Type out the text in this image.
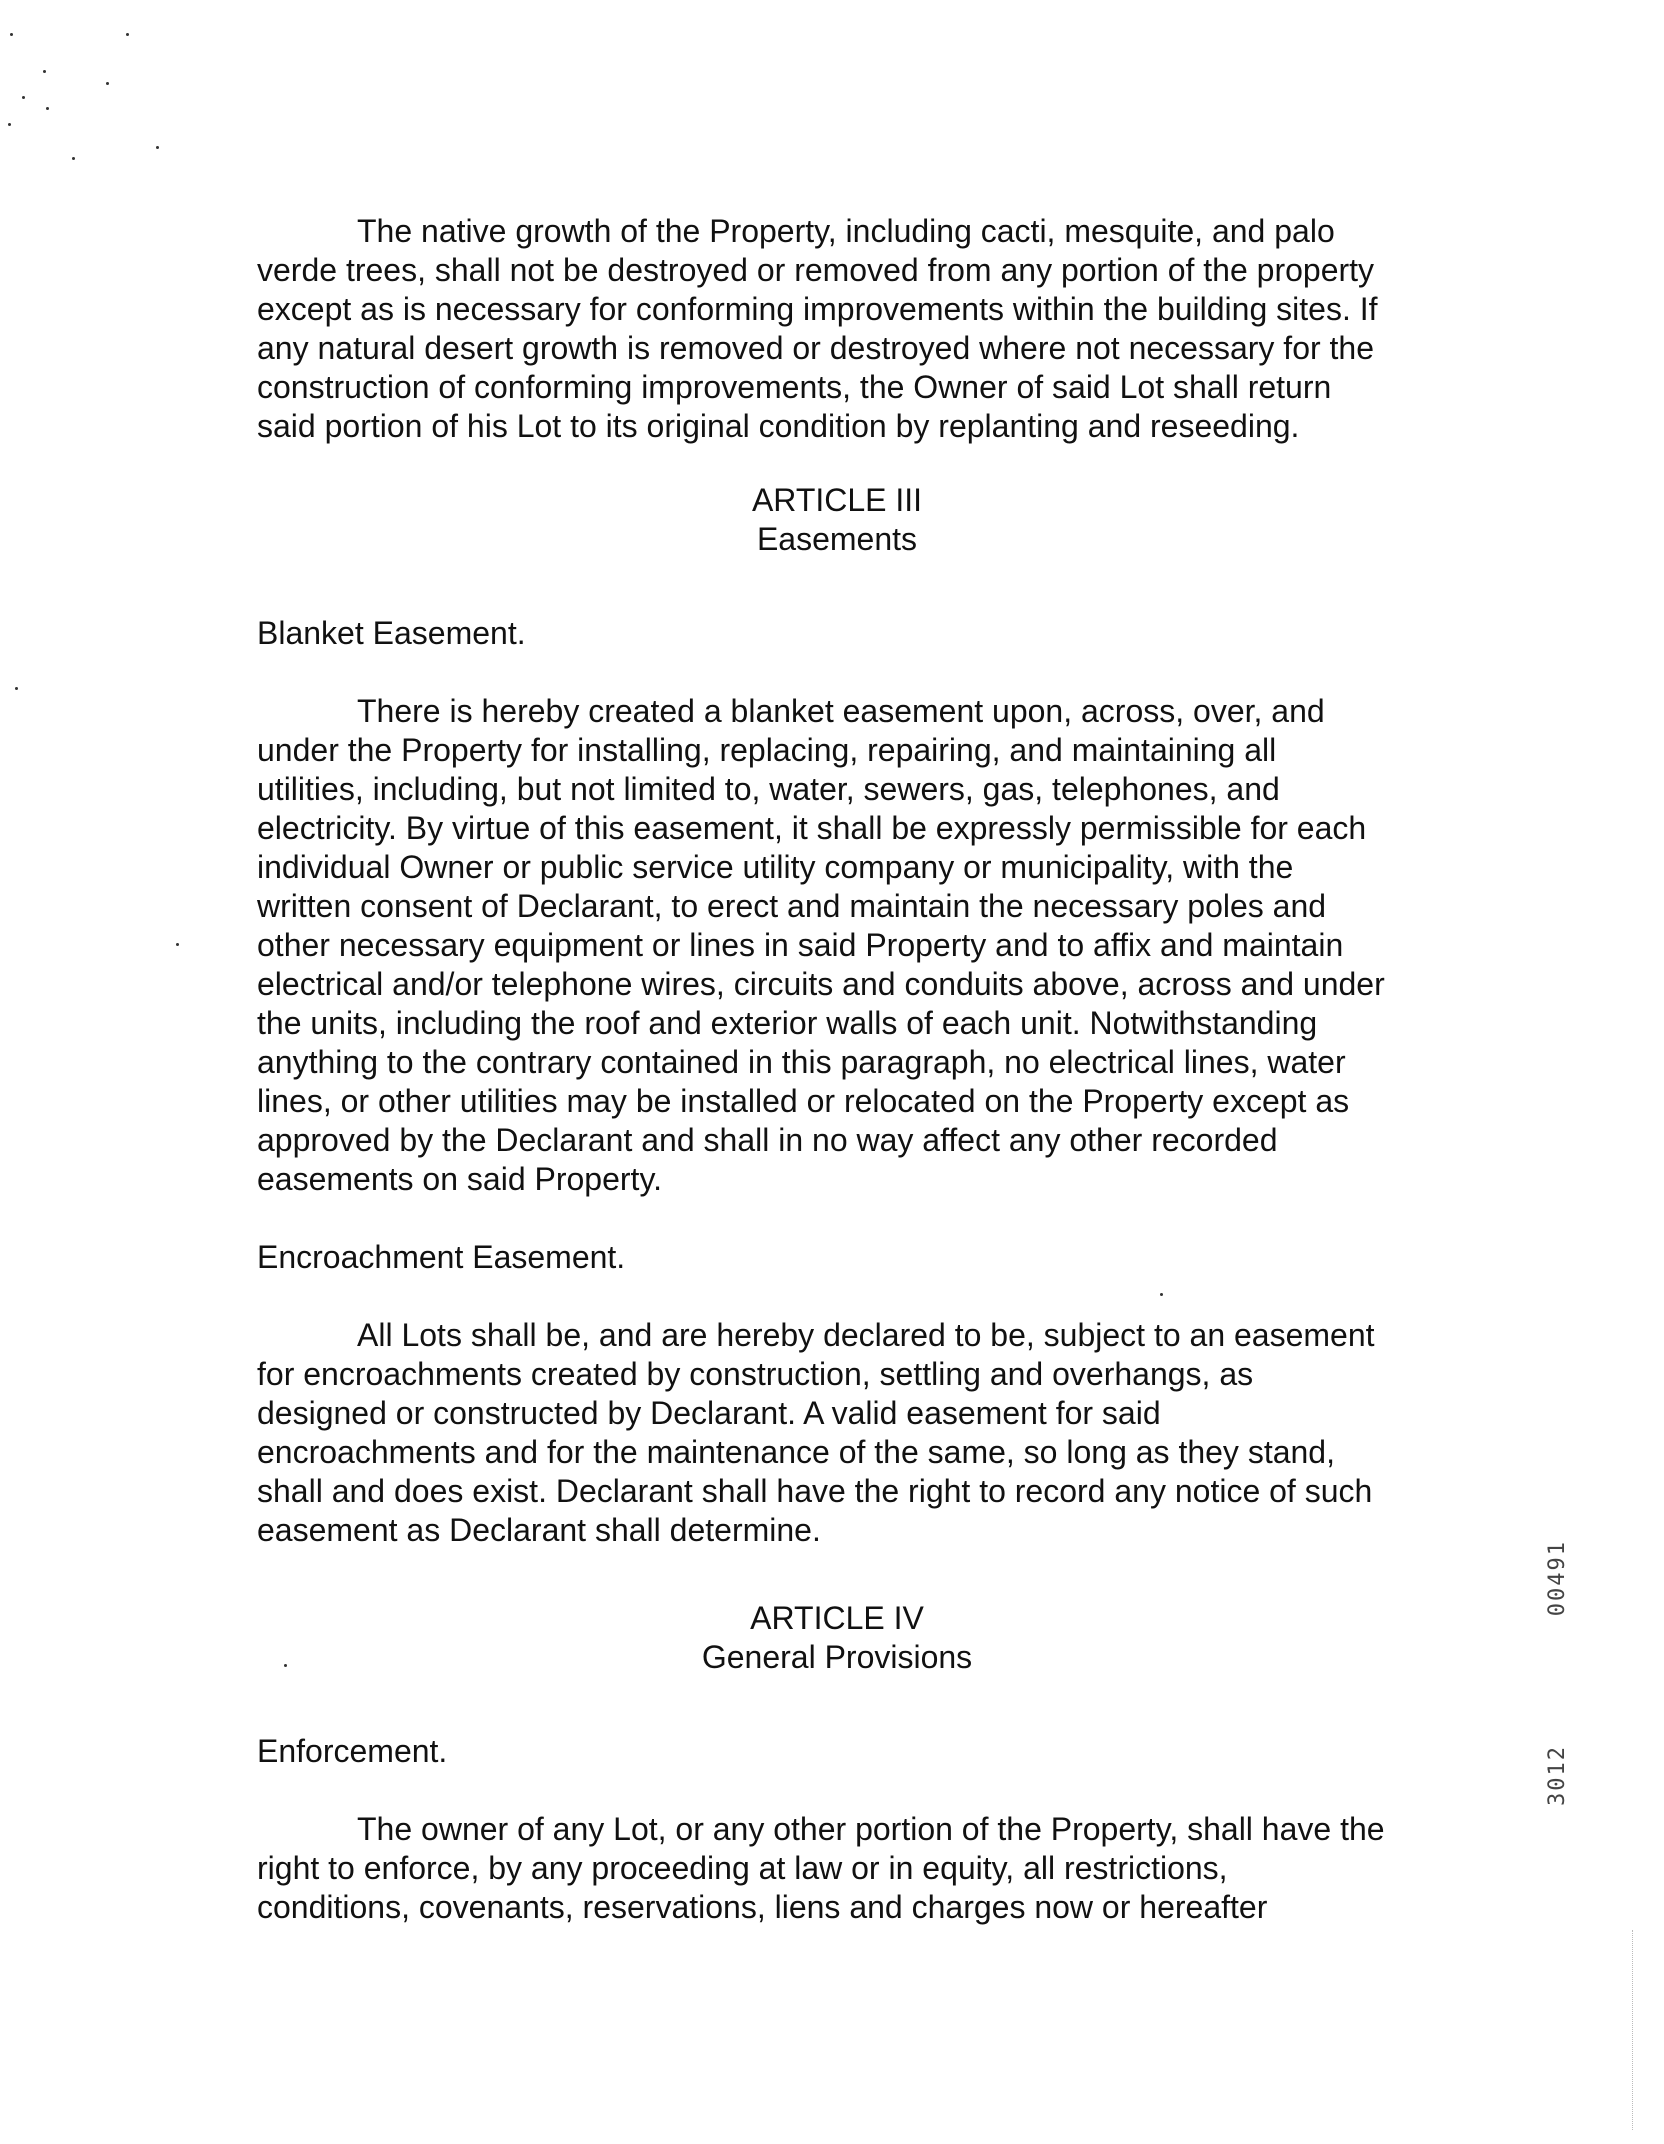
The native growth of the Property, including cacti, mesquite, and palo verde trees, shall not be destroyed or removed from any portion of the property except as is necessary for conforming improvements within the building sites. If any natural desert growth is removed or destroyed where not necessary for the construction of conforming improvements, the Owner of said Lot shall return said portion of his Lot to its original condition by replanting and reseeding.

ARTICLE III

Easements

Blanket Easement.

There is hereby created a blanket easement upon, across, over, and under the Property for installing, replacing, repairing, and maintaining all utilities, including, but not limited to, water, sewers, gas, telephones, and electricity. By virtue of this easement, it shall be expressly permissible for each individual Owner or public service utility company or municipality, with the written consent of Declarant, to erect and maintain the necessary poles and other necessary equipment or lines in said Property and to affix and maintain electrical and/or telephone wires, circuits and conduits above, across and under the units, including the roof and exterior walls of each unit. Notwithstanding anything to the contrary contained in this paragraph, no electrical lines, water lines, or other utilities may be installed or relocated on the Property except as approved by the Declarant and shall in no way affect any other recorded easements on said Property.

Encroachment Easement.

All Lots shall be, and are hereby declared to be, subject to an easement for encroachments created by construction, settling and overhangs, as designed or constructed by Declarant. A valid easement for said encroachments and for the maintenance of the same, so long as they stand, shall and does exist. Declarant shall have the right to record any notice of such easement as Declarant shall determine.

ARTICLE IV

General Provisions

Enforcement.

The owner of any Lot, or any other portion of the Property, shall have the right to enforce, by any proceeding at law or in equity, all restrictions, conditions, covenants, reservations, liens and charges now or hereafter

00491
3012
